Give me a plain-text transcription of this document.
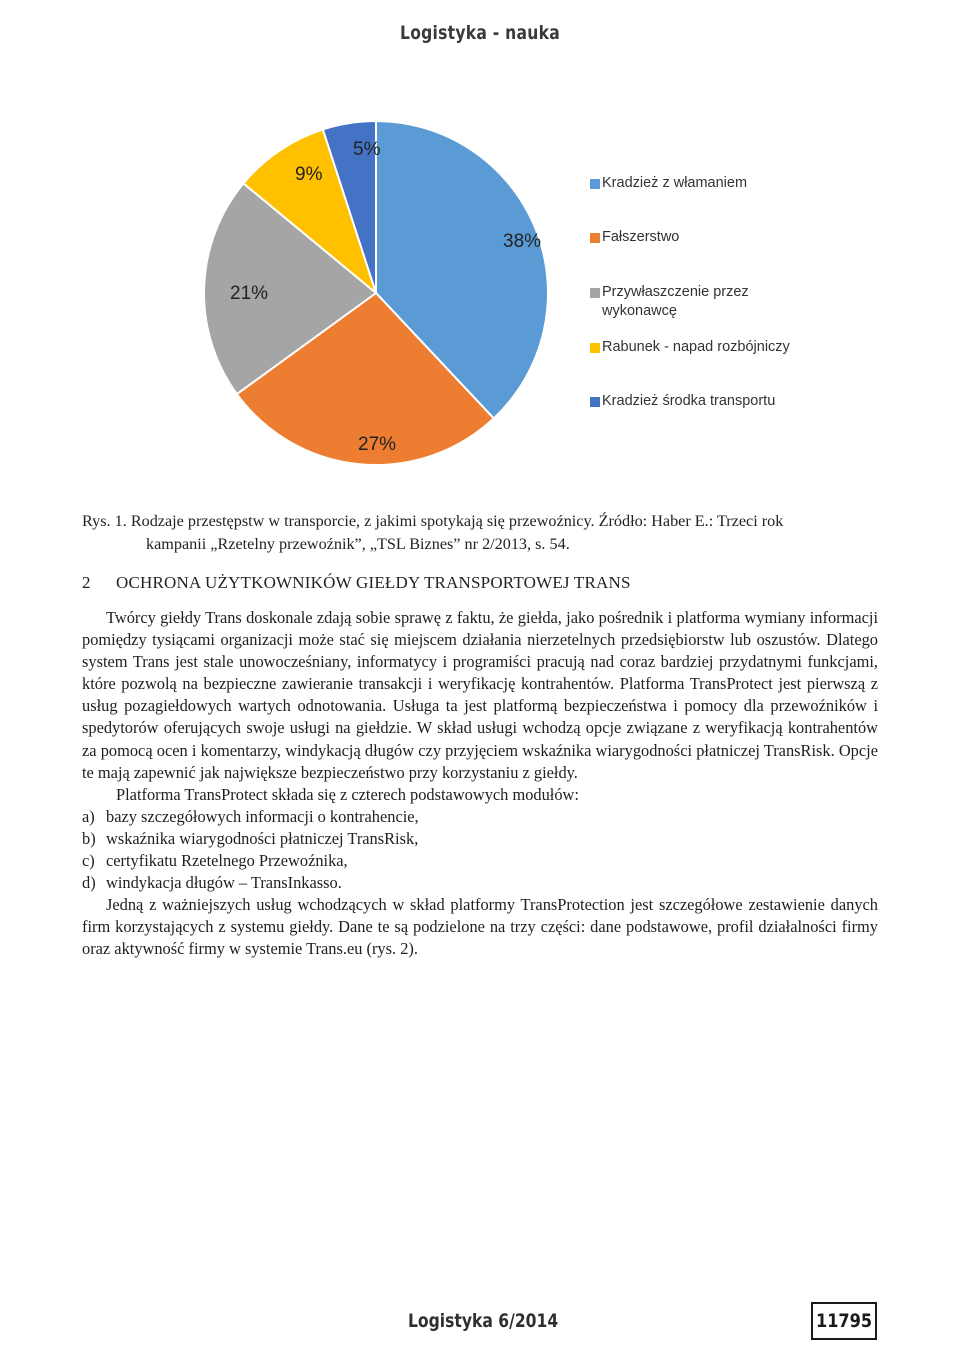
Logistyka - nauka
38%
27%
21%
9%
5%
Kradzież z włamaniem
Fałszerstwo
Przywłaszczenie przez wykonawcę
Rabunek - napad rozbójniczy
Kradzież środka transportu
Rys. 1. Rodzaje przestępstw w transporcie, z jakimi spotykają się przewoźnicy. Źródło: Haber E.: Trzeci rok
kampanii „Rzetelny przewoźnik”, „TSL Biznes” nr 2/2013, s. 54.
2 OCHRONA UŻYTKOWNIKÓW GIEŁDY TRANSPORTOWEJ TRANS

Twórcy giełdy Trans doskonale zdają sobie sprawę z faktu, że giełda, jako pośrednik i platforma wymiany informacji pomiędzy tysiącami organizacji może stać się miejscem działania nierzetelnych przedsiębiorstw lub oszustów. Dlatego system Trans jest stale unowocześniany, informatycy i programiści pracują nad coraz bardziej przydatnymi funkcjami, które pozwolą na bezpieczne zawieranie transakcji i weryfikację kontrahentów. Platforma TransProtect jest pierwszą z usług pozagiełdowych wartych odnotowania. Usługa ta jest platformą bezpieczeństwa i pomocy dla przewoźników i spedytorów oferujących swoje usługi na giełdzie. W skład usługi wchodzą opcje związane z weryfikacją kontrahentów za pomocą ocen i komentarzy, windykacją długów czy przyjęciem wskaźnika wiarygodności płatniczej TransRisk. Opcje te mają zapewnić jak największe bezpieczeństwo przy korzystaniu z giełdy.

Platforma TransProtect składa się z czterech podstawowych modułów:

a) bazy szczegółowych informacji o kontrahencie,
b) wskaźnika wiarygodności płatniczej TransRisk,
c) certyfikatu Rzetelnego Przewoźnika,
d) windykacja długów – TransInkasso.

Jedną z ważniejszych usług wchodzących w skład platformy TransProtection jest szczegółowe zestawienie danych firm korzystających z systemu giełdy. Dane te są podzielone na trzy części: dane podstawowe, profil działalności firmy oraz aktywność firmy w systemie Trans.eu (rys. 2).

Logistyka 6/2014	11795
